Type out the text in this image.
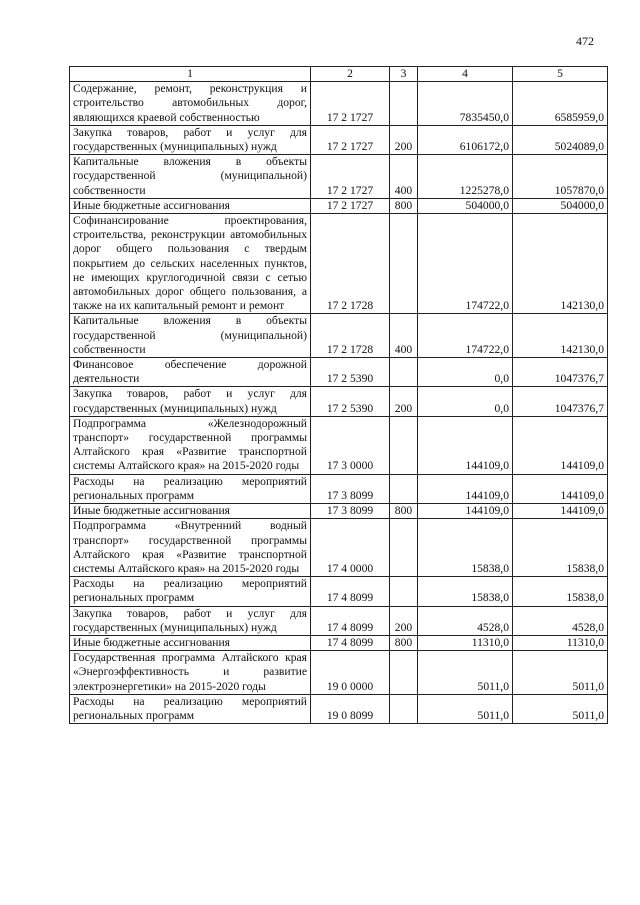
472
1	2	3	4	5
Содержание, ремонт, реконструкция и строительство автомобильных дорог, являющихся краевой собственностью	17 2 1727		7835450,0	6585959,0
Закупка товаров, работ и услуг для государственных (муниципальных) нужд	17 2 1727	200	6106172,0	5024089,0
Капитальные вложения в объекты государственной (муниципальной) собственности	17 2 1727	400	1225278,0	1057870,0
Иные бюджетные ассигнования	17 2 1727	800	504000,0	504000,0
Софинансирование проектирования, строительства, реконструкции автомобильных дорог общего пользования с твердым покрытием до сельских населенных пунктов, не имеющих круглогодичной связи с сетью автомобильных дорог общего пользования, а также на их капитальный ремонт и ремонт	17 2 1728		174722,0	142130,0
Капитальные вложения в объекты государственной (муниципальной) собственности	17 2 1728	400	174722,0	142130,0
Финансовое обеспечение дорожной деятельности	17 2 5390		0,0	1047376,7
Закупка товаров, работ и услуг для государственных (муниципальных) нужд	17 2 5390	200	0,0	1047376,7
Подпрограмма «Железнодорожный транспорт» государственной программы Алтайского края «Развитие транспортной системы Алтайского края» на 2015-2020 годы	17 3 0000		144109,0	144109,0
Расходы на реализацию мероприятий региональных программ	17 3 8099		144109,0	144109,0
Иные бюджетные ассигнования	17 3 8099	800	144109,0	144109,0
Подпрограмма «Внутренний водный транспорт» государственной программы Алтайского края «Развитие транспортной системы Алтайского края» на 2015-2020 годы	17 4 0000		15838,0	15838,0
Расходы на реализацию мероприятий региональных программ	17 4 8099		15838,0	15838,0
Закупка товаров, работ и услуг для государственных (муниципальных) нужд	17 4 8099	200	4528,0	4528,0
Иные бюджетные ассигнования	17 4 8099	800	11310,0	11310,0
Государственная программа Алтайского края «Энергоэффективность и развитие электроэнергетики» на 2015-2020 годы	19 0 0000		5011,0	5011,0
Расходы на реализацию мероприятий региональных программ	19 0 8099		5011,0	5011,0
